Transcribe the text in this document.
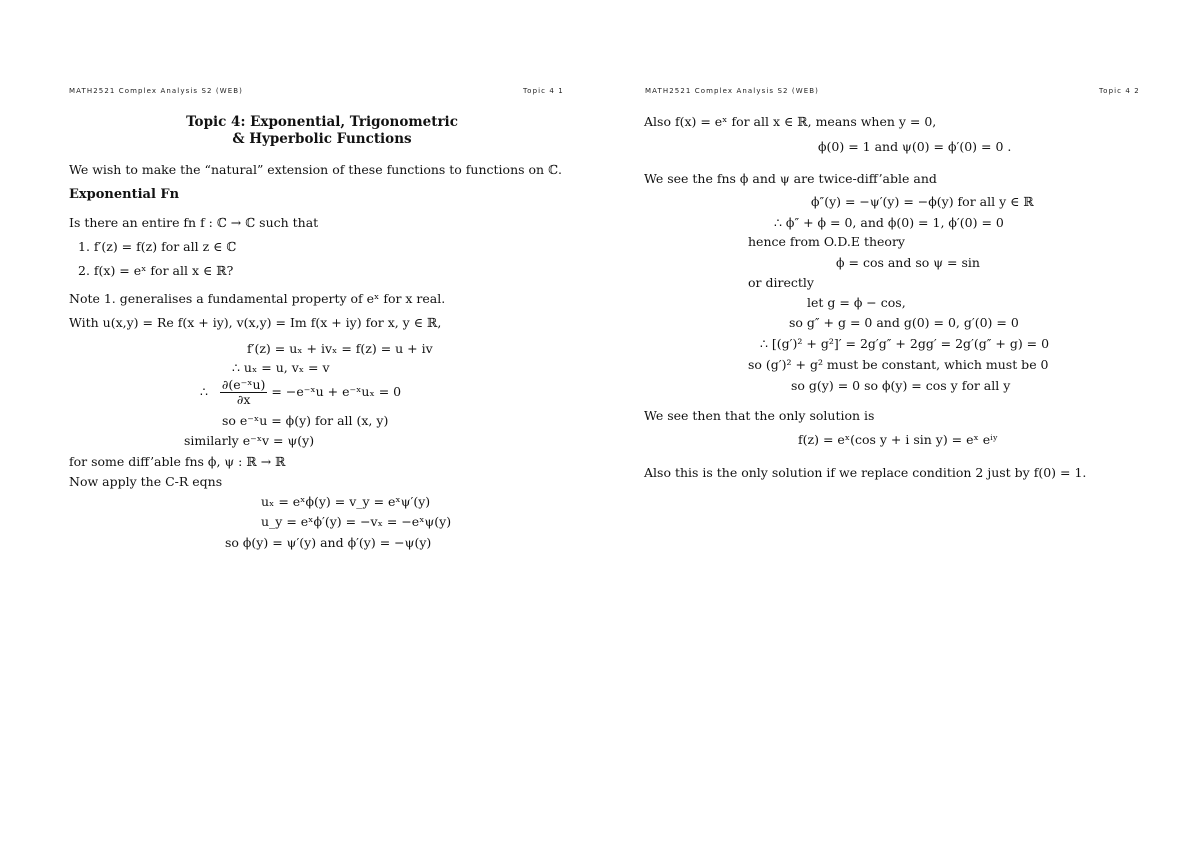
MATH2521 Complex Analysis S2 (WEB)	Topic 4 1
Topic 4: Exponential, Trigonometric
& Hyperbolic Functions
We wish to make the “natural” extension of these functions to functions on ℂ.
Exponential Fn
Is there an entire fn f : ℂ → ℂ such that
1. f′(z) = f(z) for all z ∈ ℂ
2. f(x) = eˣ for all x ∈ ℝ?
Note 1. generalises a fundamental property of eˣ for x real.
With u(x,y) = Re f(x + iy), v(x,y) = Im f(x + iy) for x, y ∈ ℝ,
f′(z) = uₓ + ivₓ = f(z) = u + iv
∴ uₓ = u, vₓ = v
∴ $\frac{\text{∂(e⁻ˣu)}}{\partial x}$ = −e⁻ˣu + e⁻ˣuₓ = 0
so e⁻ˣu = ϕ(y) for all (x, y)
similarly e⁻ˣv = ψ(y)
for some diff’able fns ϕ, ψ : ℝ → ℝ
Now apply the C-R eqns
uₓ = eˣϕ(y) = v_y = eˣψ′(y)
u_y = eˣϕ′(y) = −vₓ = −eˣψ(y)
so ϕ(y) = ψ′(y) and ϕ′(y) = −ψ(y)
MATH2521 Complex Analysis S2 (WEB)	Topic 4 2
Also f(x) = eˣ for all x ∈ ℝ, means when y = 0,
ϕ(0) = 1 and ψ(0) = ϕ′(0) = 0 .
We see the fns ϕ and ψ are twice-diff’able and
ϕ″(y) = −ψ′(y) = −ϕ(y) for all y ∈ ℝ
∴ ϕ″ + ϕ = 0, and ϕ(0) = 1, ϕ′(0) = 0
hence from O.D.E theory
ϕ = cos and so ψ = sin
or directly
let g = ϕ − cos,
so g″ + g = 0 and g(0) = 0, g′(0) = 0
∴ [(g′)² + g²]′ = 2g′g″ + 2gg′ = 2g′(g″ + g) = 0
so (g′)² + g² must be constant, which must be 0
so g(y) = 0 so ϕ(y) = cos y for all y
We see then that the only solution is
f(z) = eˣ(cos y + i sin y) = eˣ eⁱʸ
Also this is the only solution if we replace condition 2 just by f(0) = 1.
